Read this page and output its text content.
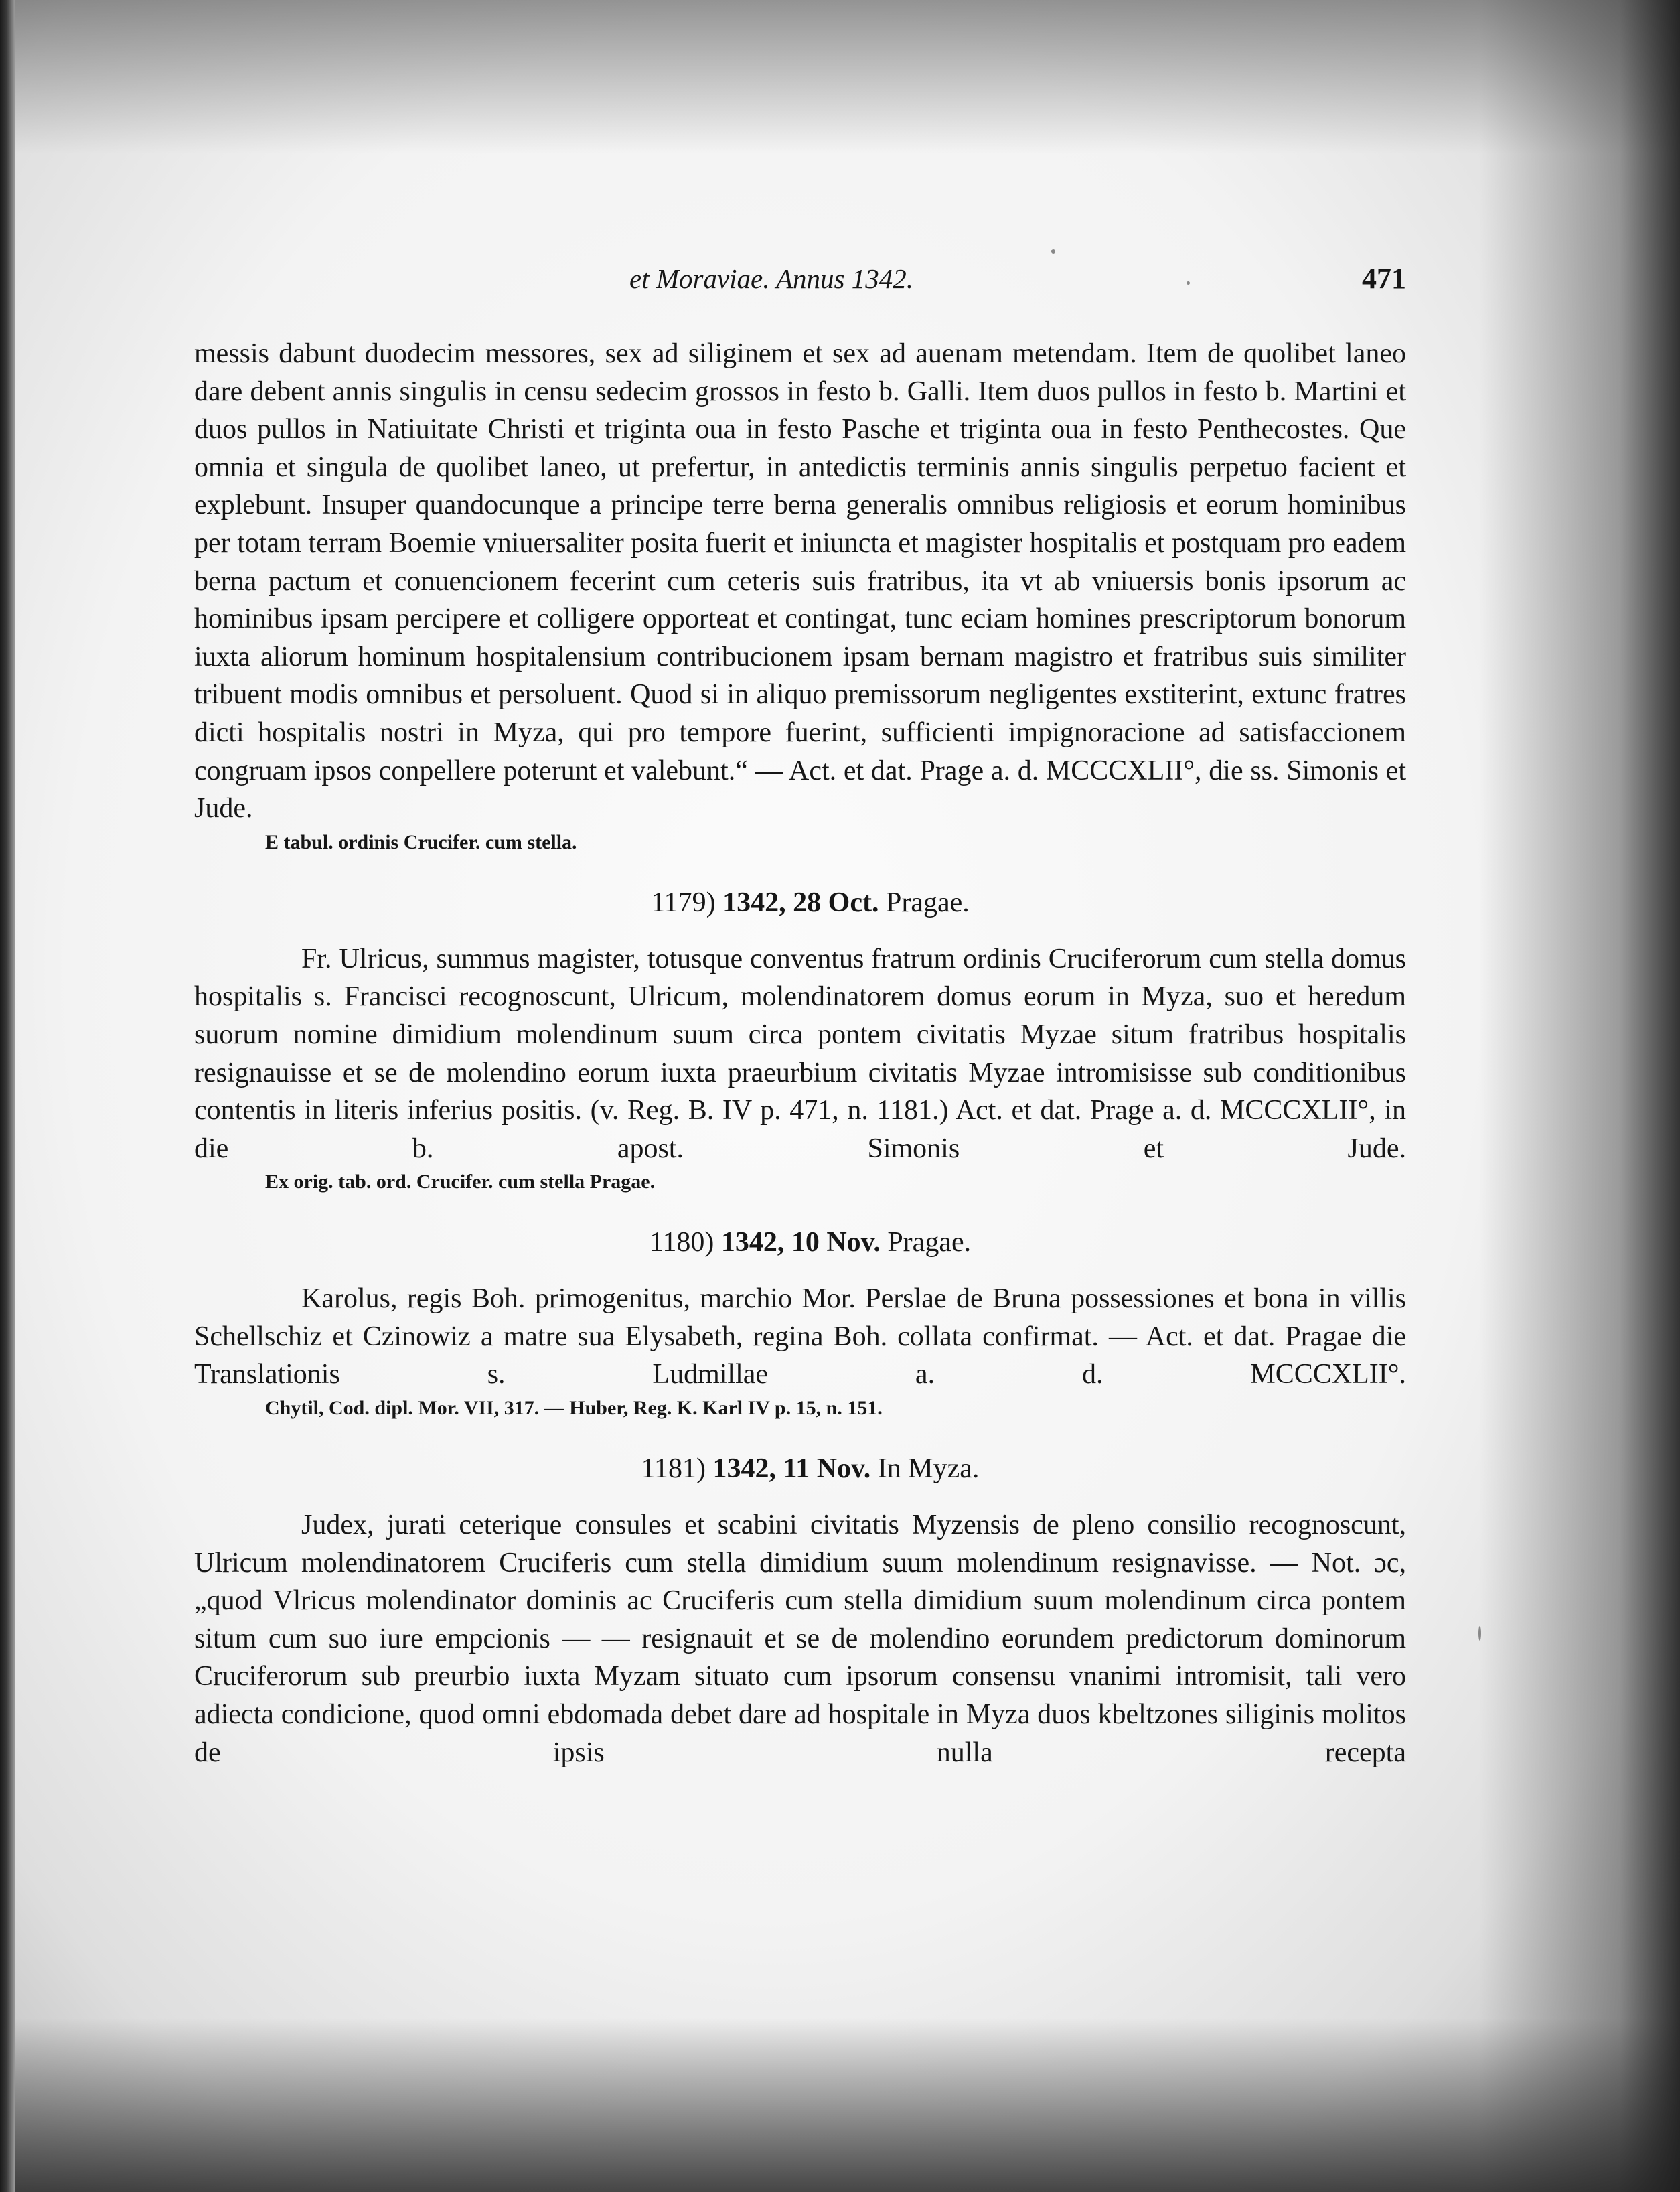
et Moraviae. Annus 1342.	471

messis dabunt duodecim messores, sex ad siliginem et sex ad auenam metendam. Item de quolibet laneo dare debent annis singulis in censu sedecim grossos in festo b. Galli. Item duos pullos in festo b. Martini et duos pullos in Natiuitate Christi et triginta oua in festo Pasche et triginta oua in festo Penthecostes. Que omnia et singula de quolibet laneo, ut prefertur, in antedictis terminis annis singulis perpetuo facient et explebunt. Insuper quandocunque a principe terre berna generalis omnibus religiosis et eorum hominibus per totam terram Boemie vniuersaliter posita fuerit et iniuncta et magister hospitalis et postquam pro eadem berna pactum et conuencionem fecerint cum ceteris suis fratribus, ita vt ab vniuersis bonis ipsorum ac hominibus ipsam percipere et colligere opporteat et contingat, tunc eciam homines prescriptorum bonorum iuxta aliorum hominum hospitalensium contribucionem ipsam bernam magistro et fratribus suis similiter tribuent modis omnibus et persoluent. Quod si in aliquo premissorum negligentes exstiterint, extunc fratres dicti hospitalis nostri in Myza, qui pro tempore fuerint, sufficienti impignoracione ad satisfaccionem congruam ipsos conpellere poterunt et valebunt.“ — Act. et dat. Prage a. d. MCCCXLII°, die ss. Simonis et Jude.

E tabul. ordinis Crucifer. cum stella.

1179) 1342, 28 Oct. Pragae.

Fr. Ulricus, summus magister, totusque conventus fratrum ordinis Cruciferorum cum stella domus hospitalis s. Francisci recognoscunt, Ulricum, molendinatorem domus eorum in Myza, suo et heredum suorum nomine dimidium molendinum suum circa pontem civitatis Myzae situm fratribus hospitalis resignauisse et se de molendino eorum iuxta praeurbium civitatis Myzae intromisisse sub conditionibus contentis in literis inferius positis. (v. Reg. B. IV p. 471, n. 1181.) Act. et dat. Prage a. d. MCCCXLII°, in die b. apost. Simonis et Jude.

Ex orig. tab. ord. Crucifer. cum stella Pragae.

1180) 1342, 10 Nov. Pragae.

Karolus, regis Boh. primogenitus, marchio Mor. Perslae de Bruna possessiones et bona in villis Schellschiz et Czinowiz a matre sua Elysabeth, regina Boh. collata confirmat. — Act. et dat. Pragae die Translationis s. Ludmillae a. d. MCCCXLII°.

Chytil, Cod. dipl. Mor. VII, 317. — Huber, Reg. K. Karl IV p. 15, n. 151.

1181) 1342, 11 Nov. In Myza.

Judex, jurati ceterique consules et scabini civitatis Myzensis de pleno consilio recognoscunt, Ulricum molendinatorem Cruciferis cum stella dimidium suum molendinum resignavisse. — Not. ɔc, „quod Vlricus molendinator dominis ac Cruciferis cum stella dimidium suum molendinum circa pontem situm cum suo iure empcionis — — resignauit et se de molendino eorundem predictorum dominorum Cruciferorum sub preurbio iuxta Myzam situato cum ipsorum consensu vnanimi intromisit, tali vero adiecta condicione, quod omni ebdomada debet dare ad hospitale in Myza duos kbeltzones siliginis molitos de ipsis nulla recepta
